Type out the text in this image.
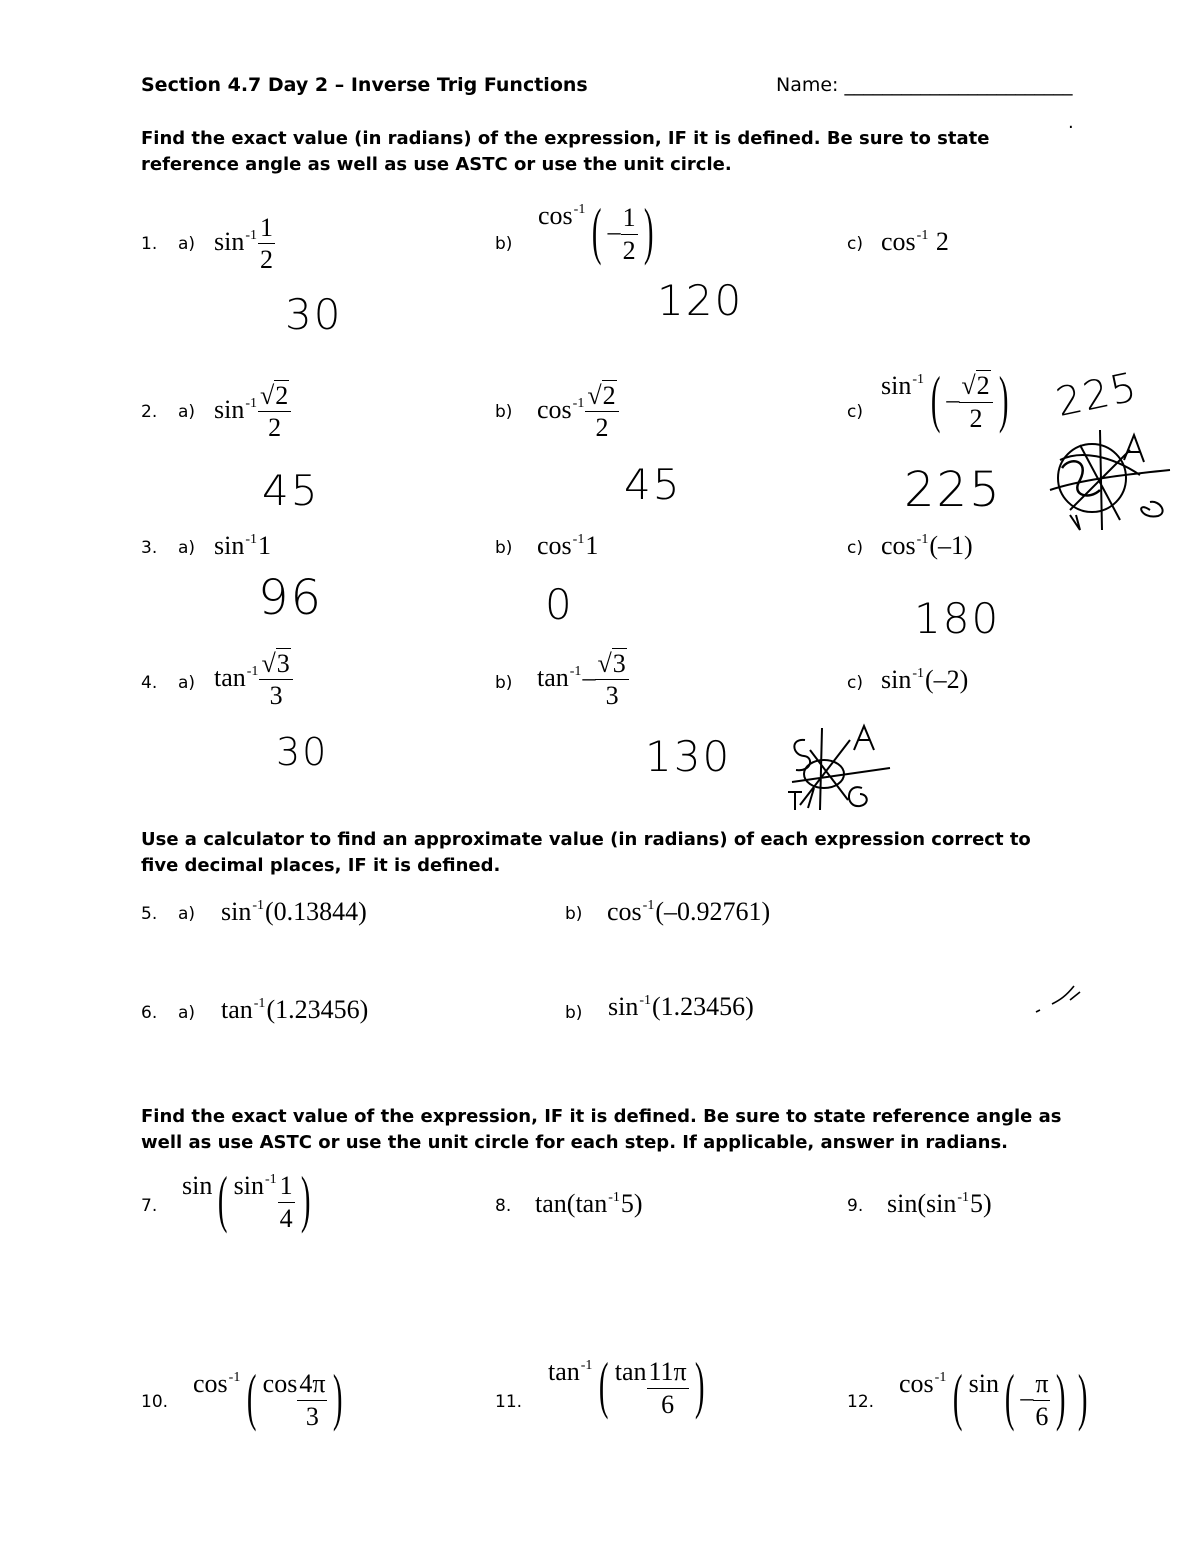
Section 4.7 Day 2 – Inverse Trig Functions	Name: ________________________
.
Find the exact value (in radians) of the expression, IF it is defined. Be sure to state
reference angle as well as use ASTC or use the unit circle.
1. a) $\sin^{-1} \frac{1}{2}$	b)
$\cos^{-1}$ ( – $\frac{1}{2}$ )	c) $\cos^{-1} 2$
30	120
2. a) $\sin^{-1} \frac{√2}{2}$	b) $\cos^{-1} \frac{√2}{2}$	c)
$\sin^{-1}$ ( – $\frac{√2}{2}$ )
45	45	225
225
3. a) $\sin^{-1}1$	b) $\cos^{-1}1$	c) $\cos^{-1}(-1)$
96	0	180
4. a) $\tan^{-1} \frac{√3}{3}$	b) $\tan^{-1}- \frac{√3}{3}$	c) $\sin^{-1}(-2)$
30	130
Use a calculator to find an approximate value (in radians) of each expression correct to
five decimal places, IF it is defined.
5. a) $\sin^{-1}(0.13844)$	b) $\cos^{-1}(-0.92761)$
6. a) $\tan^{-1}(1.23456)$	b) $\sin^{-1}(1.23456)$
Find the exact value of the expression, IF it is defined. Be sure to state reference angle as
well as use ASTC or use the unit circle for each step. If applicable, answer in radians.
7.
sin( $\sin^{-1} \frac{1}{4}$ )	8. $\tan(\tan^{-1}5)$	9. $\sin(\sin^{-1}5)$
10.
$\cos^{-1}$ ( $\cos \frac{4\pi}{3}$ )	11.
$\tan^{-1}$ ( $\tan \frac{11\pi}{6}$ )	12.
$\cos^{-1}$ ( $\sin( - \frac{\pi}{6}$ ) )
